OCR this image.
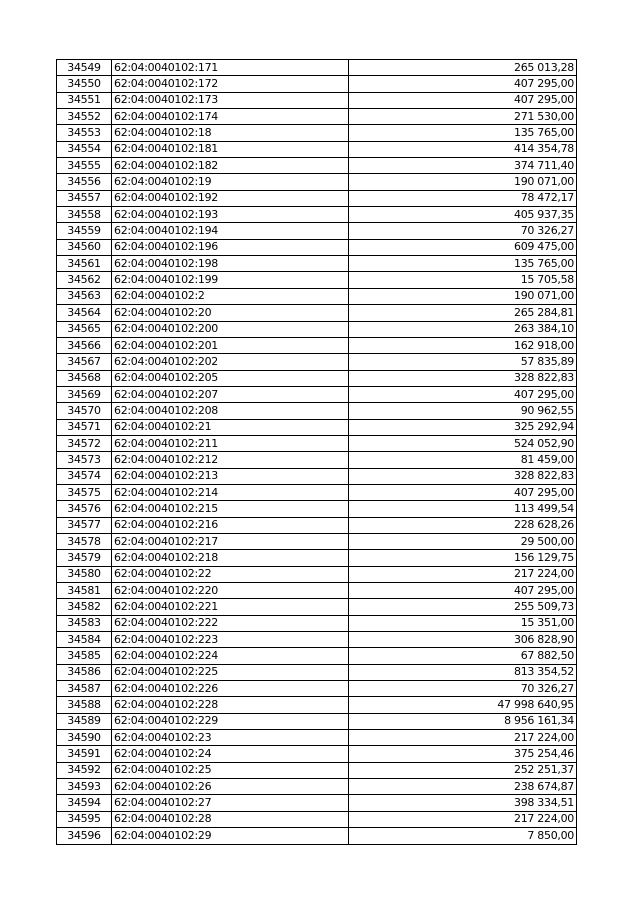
34549	62:04:0040102:171	265 013,28
34550	62:04:0040102:172	407 295,00
34551	62:04:0040102:173	407 295,00
34552	62:04:0040102:174	271 530,00
34553	62:04:0040102:18	135 765,00
34554	62:04:0040102:181	414 354,78
34555	62:04:0040102:182	374 711,40
34556	62:04:0040102:19	190 071,00
34557	62:04:0040102:192	78 472,17
34558	62:04:0040102:193	405 937,35
34559	62:04:0040102:194	70 326,27
34560	62:04:0040102:196	609 475,00
34561	62:04:0040102:198	135 765,00
34562	62:04:0040102:199	15 705,58
34563	62:04:0040102:2	190 071,00
34564	62:04:0040102:20	265 284,81
34565	62:04:0040102:200	263 384,10
34566	62:04:0040102:201	162 918,00
34567	62:04:0040102:202	57 835,89
34568	62:04:0040102:205	328 822,83
34569	62:04:0040102:207	407 295,00
34570	62:04:0040102:208	90 962,55
34571	62:04:0040102:21	325 292,94
34572	62:04:0040102:211	524 052,90
34573	62:04:0040102:212	81 459,00
34574	62:04:0040102:213	328 822,83
34575	62:04:0040102:214	407 295,00
34576	62:04:0040102:215	113 499,54
34577	62:04:0040102:216	228 628,26
34578	62:04:0040102:217	29 500,00
34579	62:04:0040102:218	156 129,75
34580	62:04:0040102:22	217 224,00
34581	62:04:0040102:220	407 295,00
34582	62:04:0040102:221	255 509,73
34583	62:04:0040102:222	15 351,00
34584	62:04:0040102:223	306 828,90
34585	62:04:0040102:224	67 882,50
34586	62:04:0040102:225	813 354,52
34587	62:04:0040102:226	70 326,27
34588	62:04:0040102:228	47 998 640,95
34589	62:04:0040102:229	8 956 161,34
34590	62:04:0040102:23	217 224,00
34591	62:04:0040102:24	375 254,46
34592	62:04:0040102:25	252 251,37
34593	62:04:0040102:26	238 674,87
34594	62:04:0040102:27	398 334,51
34595	62:04:0040102:28	217 224,00
34596	62:04:0040102:29	7 850,00
